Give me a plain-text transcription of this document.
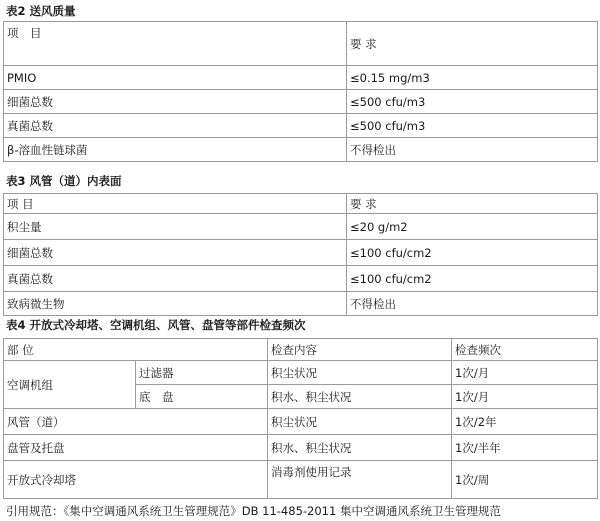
表2 送风质量
项　目	要 求
PMIO	≤0.15 mg/m3
细菌总数	≤500 cfu/m3
真菌总数	≤500 cfu/m3
β-溶血性链球菌	不得检出
表3 风管（道）内表面
项 目	要 求
积尘量	≤20 g/m2
细菌总数	≤100 cfu/cm2
真菌总数	≤100 cfu/cm2
致病微生物	不得检出
表4 开放式冷却塔、空调机组、风管、盘管等部件检查频次
部 位		检查内容	检查频次
空调机组	过滤器	积尘状况	1次/月
	底　盘	积水、积尘状况	1次/月
风管（道）		积尘状况	1次/2年
盘管及托盘		积水、积尘状况	1次/半年
开放式冷却塔		消毒剂使用记录	1次/周
引用规范：《集中空调通风系统卫生管理规范》DB 11-485-2011 集中空调通风系统卫生管理规范
